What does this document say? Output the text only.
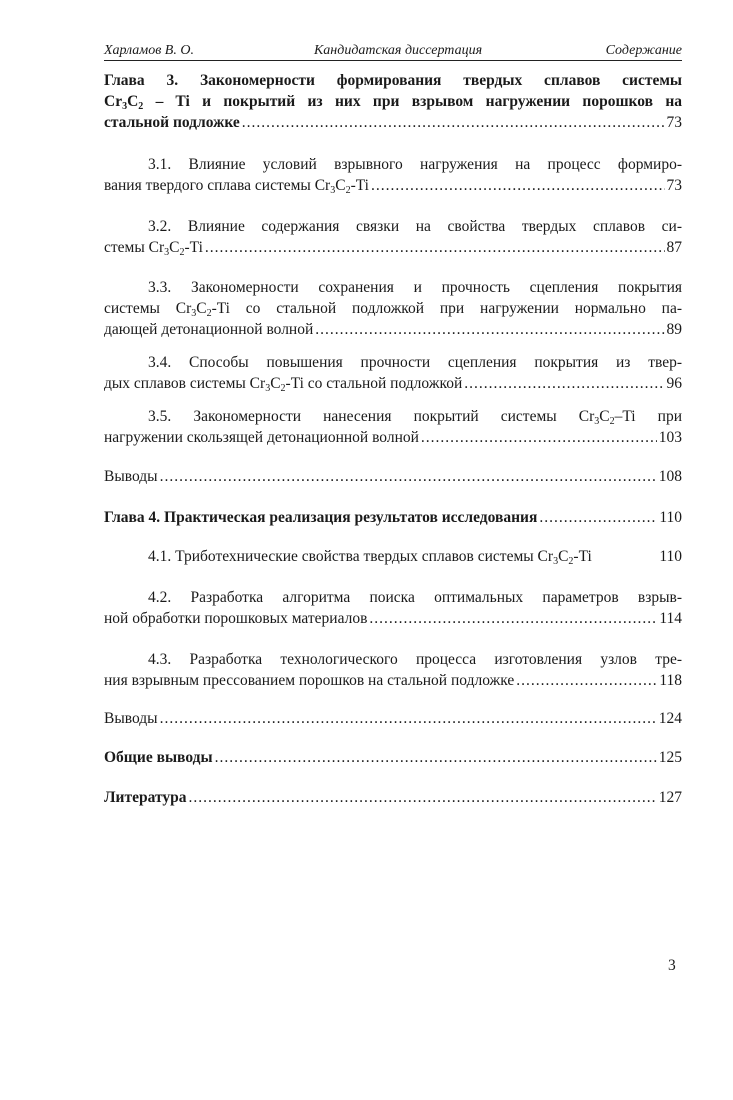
Харламов В. О.	Кандидатская диссертация	Содержание
Глава 3. Закономерности формирования твердых сплавов системы
$Cr_3C_2$ – Ti и покрытий из них при взрывом нагружении порошков на
стальной подложке .....	73
3.1. Влияние условий взрывного нагружения на процесс формиро-
вания твердого сплава системы $Cr_3C_2-Ti$ .....	73
3.2. Влияние содержания связки на свойства твердых сплавов си-
стемы $Cr_3C_2-Ti$ .....	87
3.3. Закономерности сохранения и прочность сцепления покрытия
системы $Cr_3C_2-Ti$ со стальной подложкой при нагружении нормально па-
дающей детонационной волной .....	89
3.4. Способы повышения прочности сцепления покрытия из твер-
дых сплавов системы $Cr_3C_2-Ti$ со стальной подложкой .....	96
3.5. Закономерности нанесения покрытий системы $Cr_3C_2-Ti$ при
нагружении скользящей детонационной волной .....	103
Выводы .....	108
Глава 4. Практическая реализация результатов исследования .....	110
4.1. Триботехнические свойства твердых сплавов системы $Cr_3C_2-Ti$	110
4.2. Разработка алгоритма поиска оптимальных параметров взрыв-
ной обработки порошковых материалов .....	114
4.3. Разработка технологического процесса изготовления узлов тре-
ния взрывным прессованием порошков на стальной подложке .....	118
Выводы .....	124
Общие выводы .....	125
Литература .....	127
3
